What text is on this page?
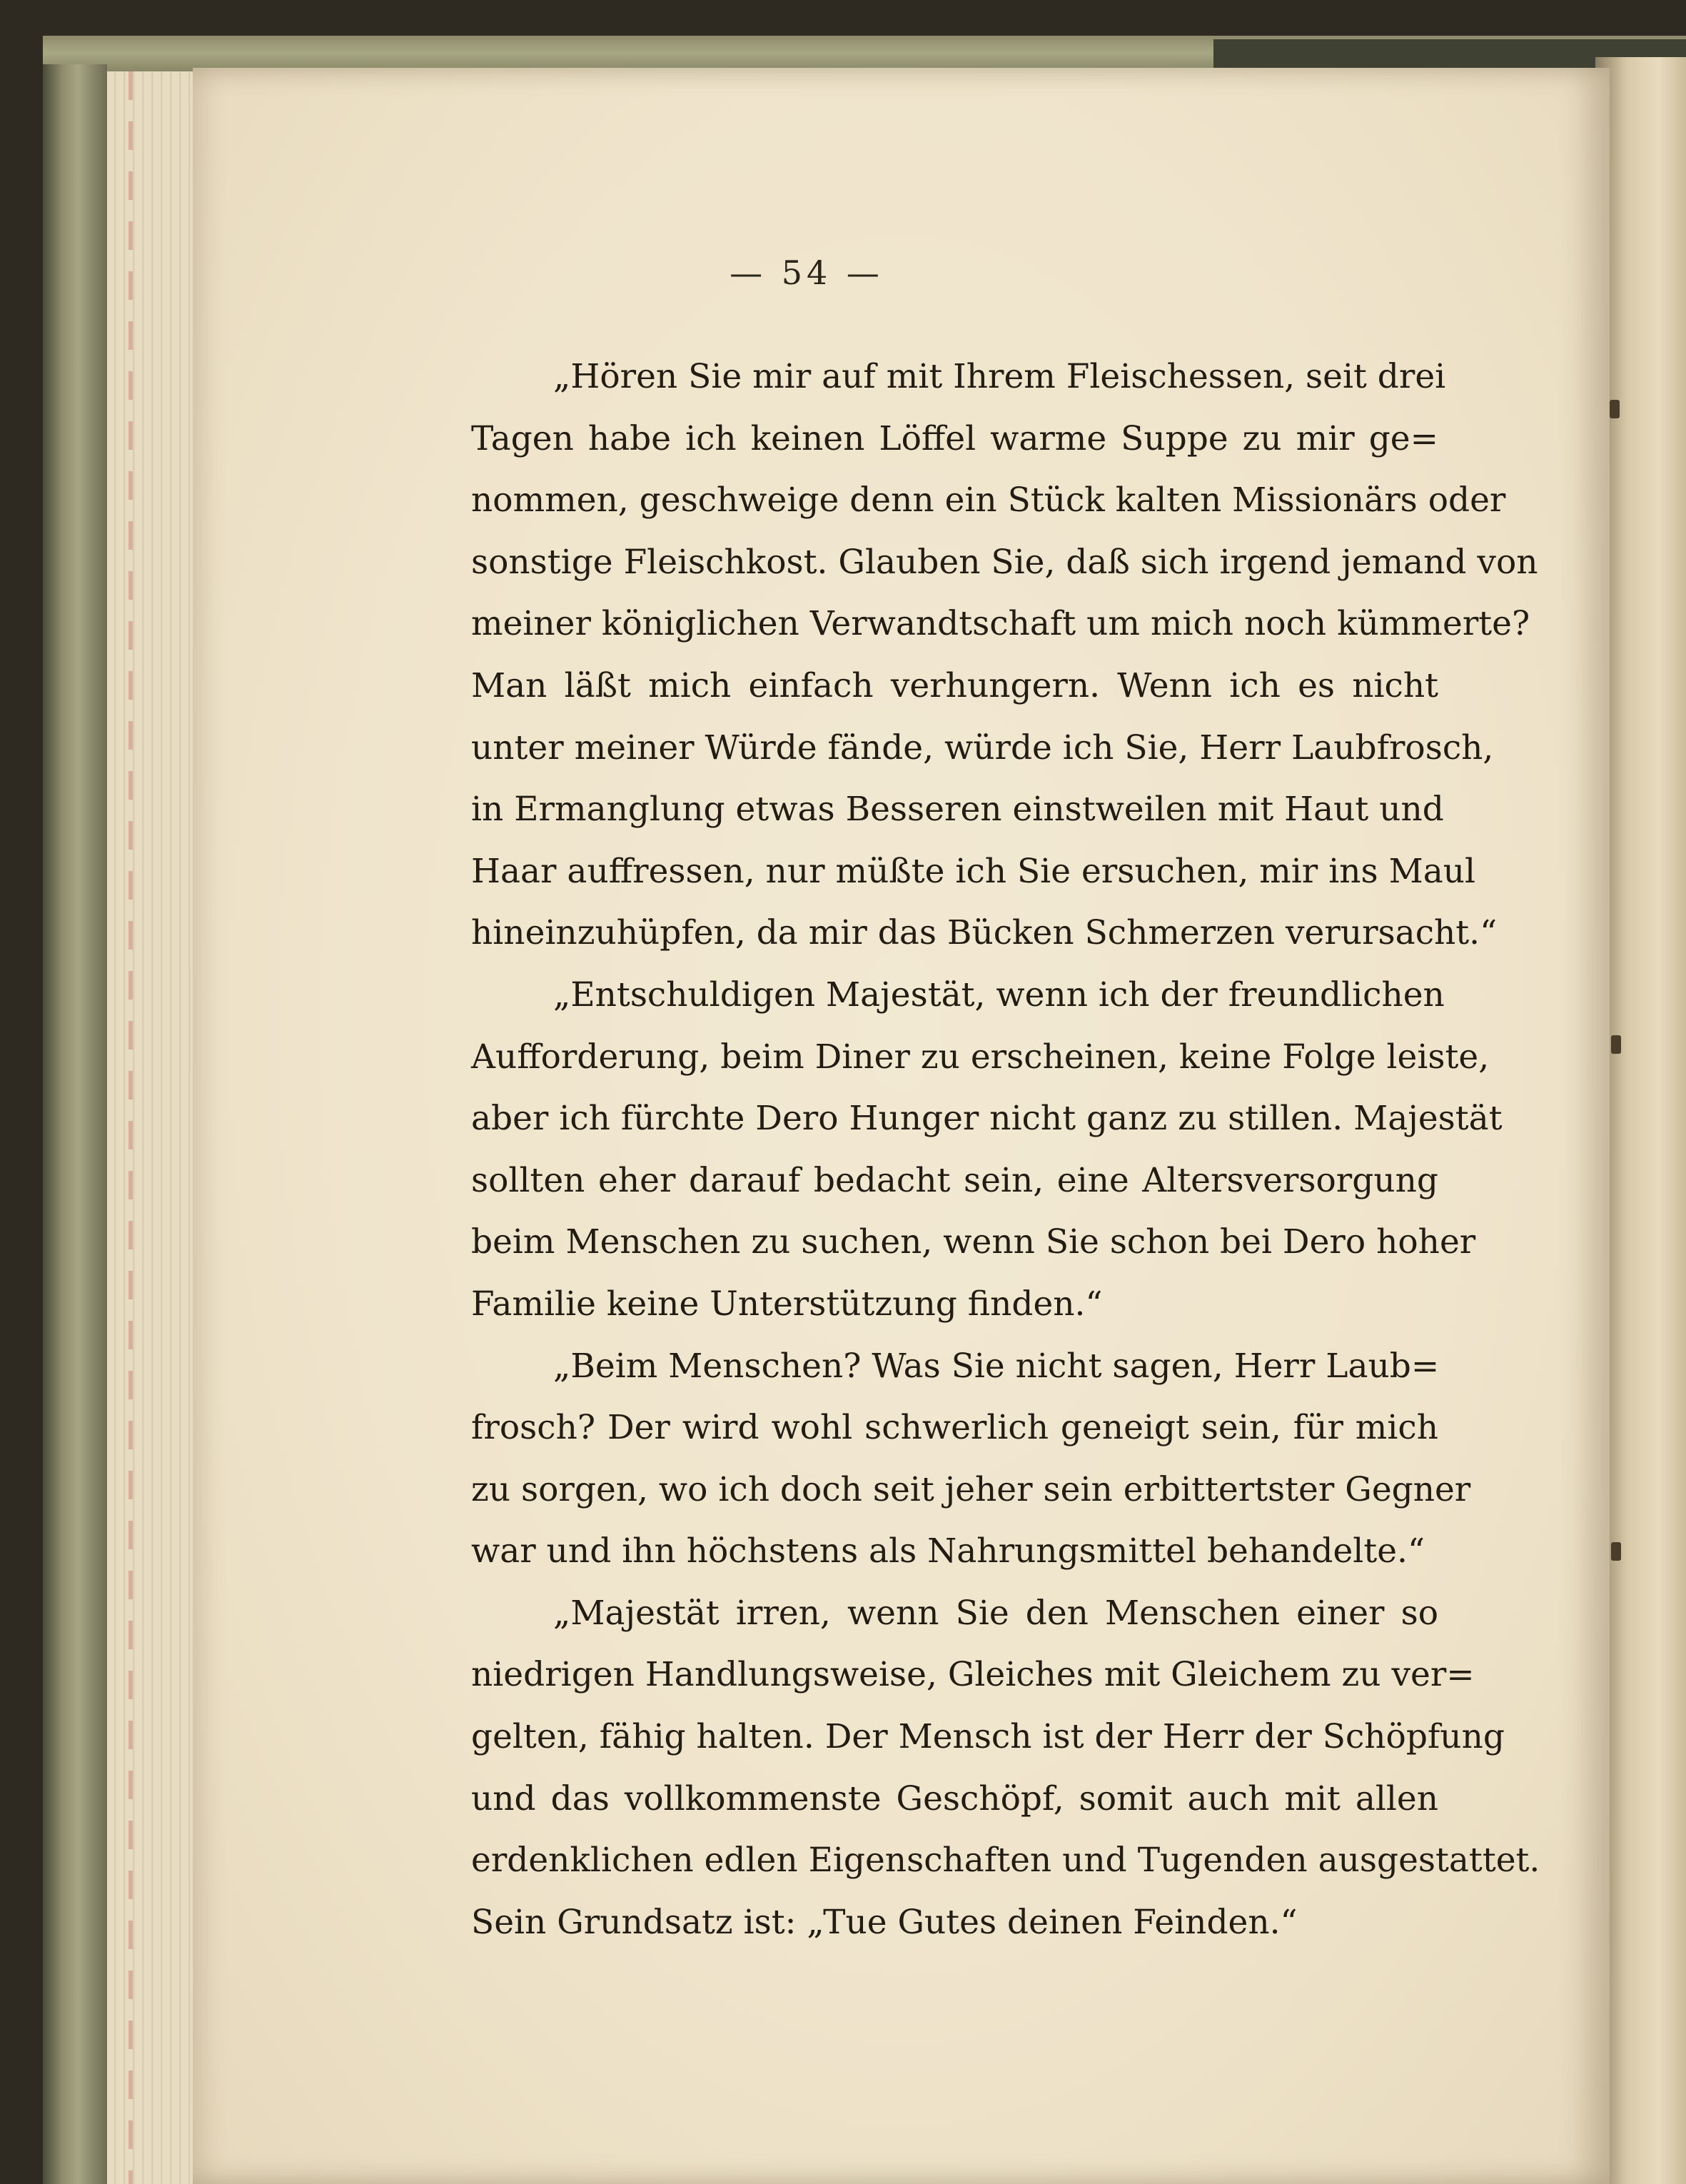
— 54 —
„Hören Sie mir auf mit Ihrem Fleischessen, seit drei
Tagen habe ich keinen Löffel warme Suppe zu mir ge=
nommen, geschweige denn ein Stück kalten Missionärs oder
sonstige Fleischkost. Glauben Sie, daß sich irgend jemand von
meiner königlichen Verwandtschaft um mich noch kümmerte?
Man läßt mich einfach verhungern. Wenn ich es nicht
unter meiner Würde fände, würde ich Sie, Herr Laubfrosch,
in Ermanglung etwas Besseren einstweilen mit Haut und
Haar auffressen, nur müßte ich Sie ersuchen, mir ins Maul
hineinzuhüpfen, da mir das Bücken Schmerzen verursacht.“
„Entschuldigen Majestät, wenn ich der freundlichen
Aufforderung, beim Diner zu erscheinen, keine Folge leiste,
aber ich fürchte Dero Hunger nicht ganz zu stillen. Majestät
sollten eher darauf bedacht sein, eine Altersversorgung
beim Menschen zu suchen, wenn Sie schon bei Dero hoher
Familie keine Unterstützung finden.“
„Beim Menschen? Was Sie nicht sagen, Herr Laub=
frosch? Der wird wohl schwerlich geneigt sein, für mich
zu sorgen, wo ich doch seit jeher sein erbittertster Gegner
war und ihn höchstens als Nahrungsmittel behandelte.“
„Majestät irren, wenn Sie den Menschen einer so
niedrigen Handlungsweise, Gleiches mit Gleichem zu ver=
gelten, fähig halten. Der Mensch ist der Herr der Schöpfung
und das vollkommenste Geschöpf, somit auch mit allen
erdenklichen edlen Eigenschaften und Tugenden ausgestattet.
Sein Grundsatz ist: „Tue Gutes deinen Feinden.“
